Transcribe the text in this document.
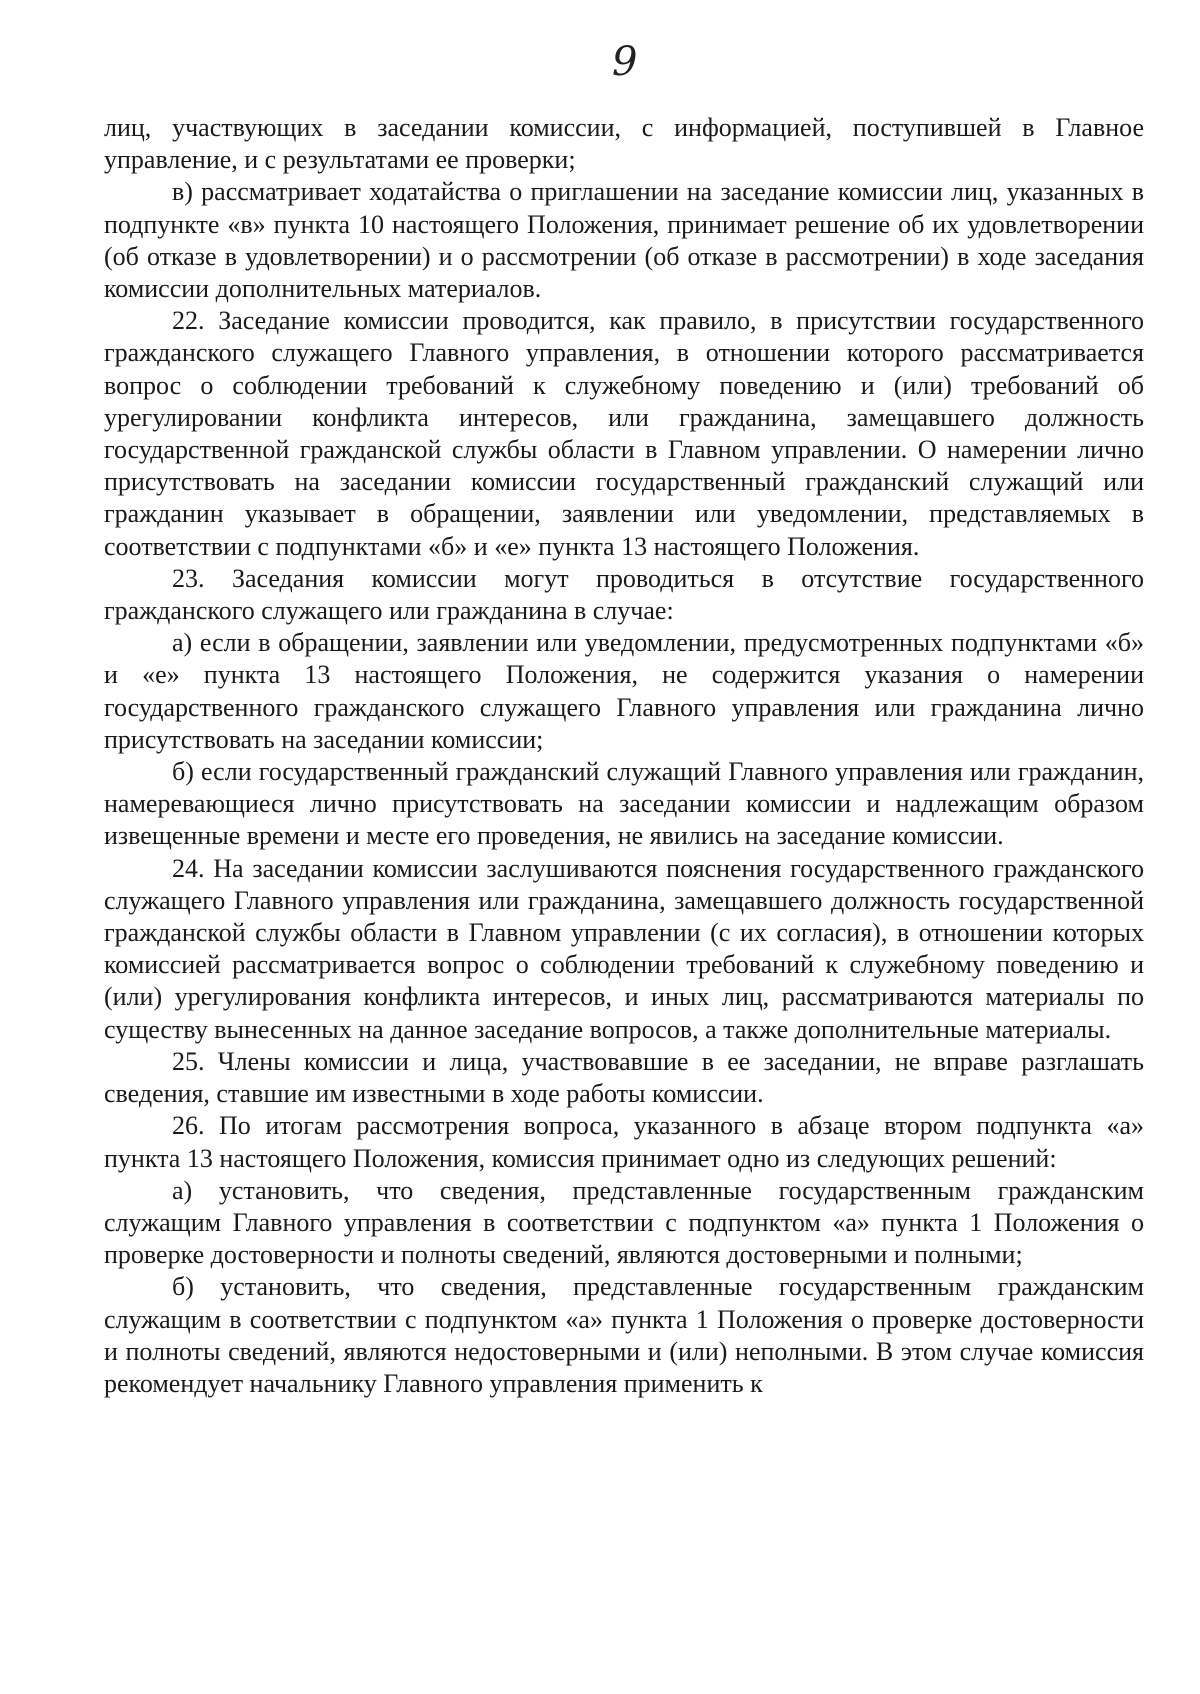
9

лиц, участвующих в заседании комиссии, с информацией, поступившей в Главное управление, и с результатами ее проверки;

в) рассматривает ходатайства о приглашении на заседание комиссии лиц, указанных в подпункте «в» пункта 10 настоящего Положения, принимает решение об их удовлетворении (об отказе в удовлетворении) и о рассмотрении (об отказе в рассмотрении) в ходе заседания комиссии дополнительных материалов.

22. Заседание комиссии проводится, как правило, в присутствии государственного гражданского служащего Главного управления, в отношении которого рассматривается вопрос о соблюдении требований к служебному поведению и (или) требований об урегулировании конфликта интересов, или гражданина, замещавшего должность государственной гражданской службы области в Главном управлении. О намерении лично присутствовать на заседании комиссии государственный гражданский служащий или гражданин указывает в обращении, заявлении или уведомлении, представляемых в соответствии с подпунктами «б» и «е» пункта 13 настоящего Положения.

23. Заседания комиссии могут проводиться в отсутствие государственного гражданского служащего или гражданина в случае:

а) если в обращении, заявлении или уведомлении, предусмотренных подпунктами «б» и «е» пункта 13 настоящего Положения, не содержится указания о намерении государственного гражданского служащего Главного управления или гражданина лично присутствовать на заседании комиссии;

б) если государственный гражданский служащий Главного управления или гражданин, намеревающиеся лично присутствовать на заседании комиссии и надлежащим образом извещенные времени и месте его проведения, не явились на заседание комиссии.

24. На заседании комиссии заслушиваются пояснения государственного гражданского служащего Главного управления или гражданина, замещавшего должность государственной гражданской службы области в Главном управлении (с их согласия), в отношении которых комиссией рассматривается вопрос о соблюдении требований к служебному поведению и (или) урегулирования конфликта интересов, и иных лиц, рассматриваются материалы по существу вынесенных на данное заседание вопросов, а также дополнительные материалы.

25. Члены комиссии и лица, участвовавшие в ее заседании, не вправе разглашать сведения, ставшие им известными в ходе работы комиссии.

26. По итогам рассмотрения вопроса, указанного в абзаце втором подпункта «а» пункта 13 настоящего Положения, комиссия принимает одно из следующих решений:

а) установить, что сведения, представленные государственным гражданским служащим Главного управления в соответствии с подпунктом «а» пункта 1 Положения о проверке достоверности и полноты сведений, являются достоверными и полными;

б) установить, что сведения, представленные государственным гражданским служащим в соответствии с подпунктом «а» пункта 1 Положения о проверке достоверности и полноты сведений, являются недостоверными и (или) неполными. В этом случае комиссия рекомендует начальнику Главного управления применить к
